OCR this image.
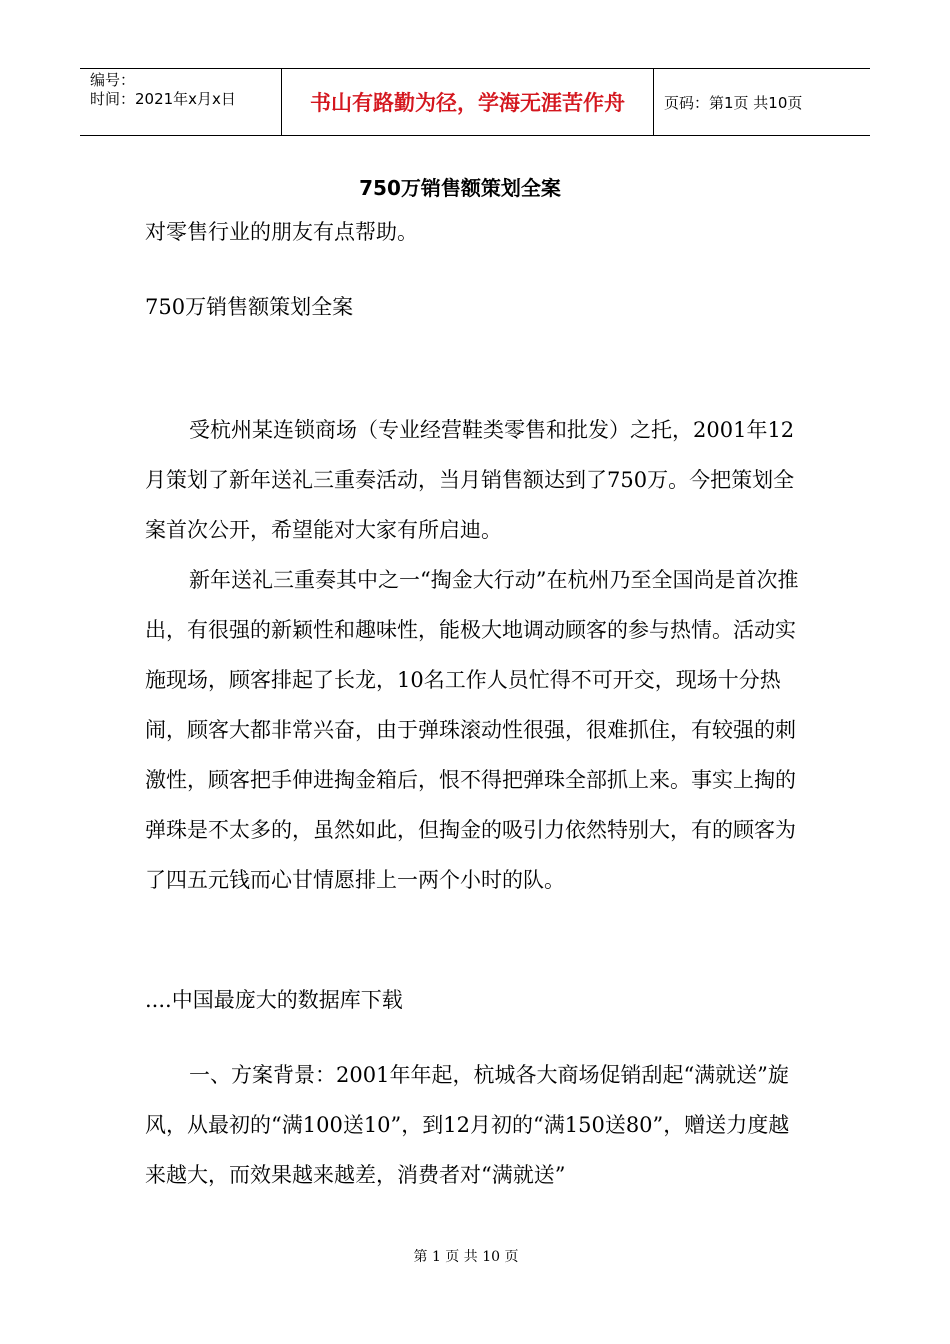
编号：
时间：2021年x月x日	书山有路勤为径，学海无涯苦作舟	页码：第1页 共10页
750万销售额策划全案

对零售行业的朋友有点帮助。

750万销售额策划全案

受杭州某连锁商场（专业经营鞋类零售和批发）之托，2001年12月策划了新年送礼三重奏活动，当月销售额达到了750万。今把策划全案首次公开，希望能对大家有所启迪。

新年送礼三重奏其中之一“掏金大行动”在杭州乃至全国尚是首次推出，有很强的新颖性和趣味性，能极大地调动顾客的参与热情。活动实施现场，顾客排起了长龙，10名工作人员忙得不可开交，现场十分热闹，顾客大都非常兴奋，由于弹珠滚动性很强，很难抓住，有较强的刺激性，顾客把手伸进掏金箱后，恨不得把弹珠全部抓上来。事实上掏的弹珠是不太多的，虽然如此，但掏金的吸引力依然特别大，有的顾客为了四五元钱而心甘情愿排上一两个小时的队。

....中国最庞大的数据库下载

一、方案背景：2001年年起，杭城各大商场促销刮起“满就送”旋风，从最初的“满100送10”，到12月初的“满150送80”，赠送力度越来越大，而效果越来越差，消费者对“满就送”

第 1 页 共 10 页
